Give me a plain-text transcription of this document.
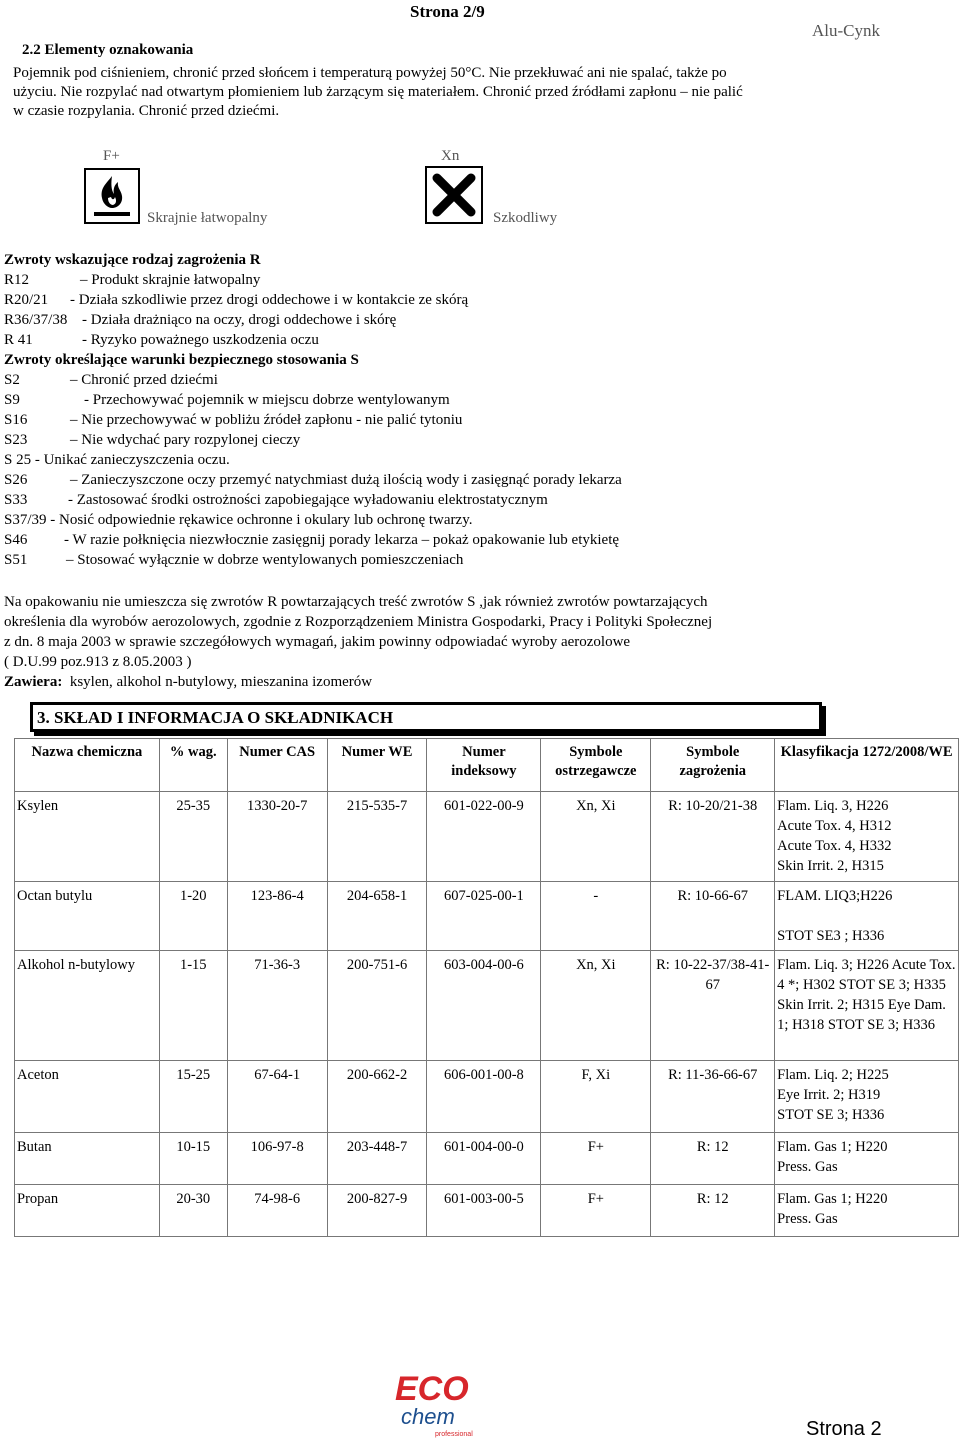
Strona 2/9
Alu-Cynk
2.2 Elementy oznakowania
Pojemnik pod ciśnieniem, chronić przed słońcem i temperaturą powyżej 50°C. Nie przekłuwać ani nie spalać, także po
użyciu. Nie rozpylać nad otwartym płomieniem lub żarzącym się materiałem. Chronić przed źródłami zapłonu – nie palić
w czasie rozpylania. Chronić przed dziećmi.
F+
Skrajnie łatwopalny
Xn
Szkodliwy
Zwroty wskazujące rodzaj zagrożenia R
R12	– Produkt skrajnie łatwopalny
R20/21 - Działa szkodliwie przez drogi oddechowe i w kontakcie ze skórą
R36/37/38 - Działa drażniąco na oczy, drogi oddechowe i skórę
R 41	- Ryzyko poważnego uszkodzenia oczu
Zwroty określające warunki bezpiecznego stosowania S
S2	– Chronić przed dziećmi
S9	- Przechowywać pojemnik w miejscu dobrze wentylowanym
S16	– Nie przechowywać w pobliżu źródeł zapłonu - nie palić tytoniu
S23	– Nie wdychać pary rozpylonej cieczy
S 25 - Unikać zanieczyszczenia oczu.
S26	– Zanieczyszczone oczy przemyć natychmiast dużą ilością wody i zasięgnąć porady lekarza
S33	- Zastosować środki ostrożności zapobiegające wyładowaniu elektrostatycznym
S37/39 - Nosić odpowiednie rękawice ochronne i okulary lub ochronę twarzy.
S46 - W razie połknięcia niezwłocznie zasięgnij porady lekarza – pokaż opakowanie lub etykietę
S51	– Stosować wyłącznie w dobrze wentylowanych pomieszczeniach
Na opakowaniu nie umieszcza się zwrotów R powtarzających treść zwrotów S ,jak również zwrotów powtarzających
określenia dla wyrobów aerozolowych, zgodnie z Rozporządzeniem Ministra Gospodarki, Pracy i Polityki Społecznej
z dn. 8 maja 2003 w sprawie szczegółowych wymagań, jakim powinny odpowiadać wyroby aerozolowe
( D.U.99 poz.913 z 8.05.2003 )
Zawiera: ksylen, alkohol n-butylowy, mieszanina izomerów
3. SKŁAD I INFORMACJA O SKŁADNIKACH
Nazwa chemiczna	% wag.	Numer CAS	Numer WE	Numer indeksowy	Symbole ostrzegawcze	Symbole zagrożenia	Klasyfikacja 1272/2008/WE
Ksylen	25-35	1330-20-7	215-535-7	601-022-00-9	Xn, Xi	R: 10-20/21-38	Flam. Liq. 3, H226
Acute Tox. 4, H312
Acute Tox. 4, H332
Skin Irrit. 2, H315
Octan butylu	1-20	123-86-4	204-658-1	607-025-00-1	-	R: 10-66-67	FLAM. LIQ3;H226

STOT SE3 ; H336
Alkohol n-butylowy	1-15	71-36-3	200-751-6	603-004-00-6	Xn, Xi	R: 10-22-37/38-41-67	Flam. Liq. 3; H226 Acute Tox. 4 *; H302 STOT SE 3; H335 Skin Irrit. 2; H315 Eye Dam. 1; H318 STOT SE 3; H336
Aceton	15-25	67-64-1	200-662-2	606-001-00-8	F, Xi	R: 11-36-66-67	Flam. Liq. 2; H225
Eye Irrit. 2; H319
STOT SE 3; H336
Butan	10-15	106-97-8	203-448-7	601-004-00-0	F+	R: 12	Flam. Gas 1; H220
Press. Gas
Propan	20-30	74-98-6	200-827-9	601-003-00-5	F+	R: 12	Flam. Gas 1; H220
Press. Gas
ECO
chem
professional	Strona 2
